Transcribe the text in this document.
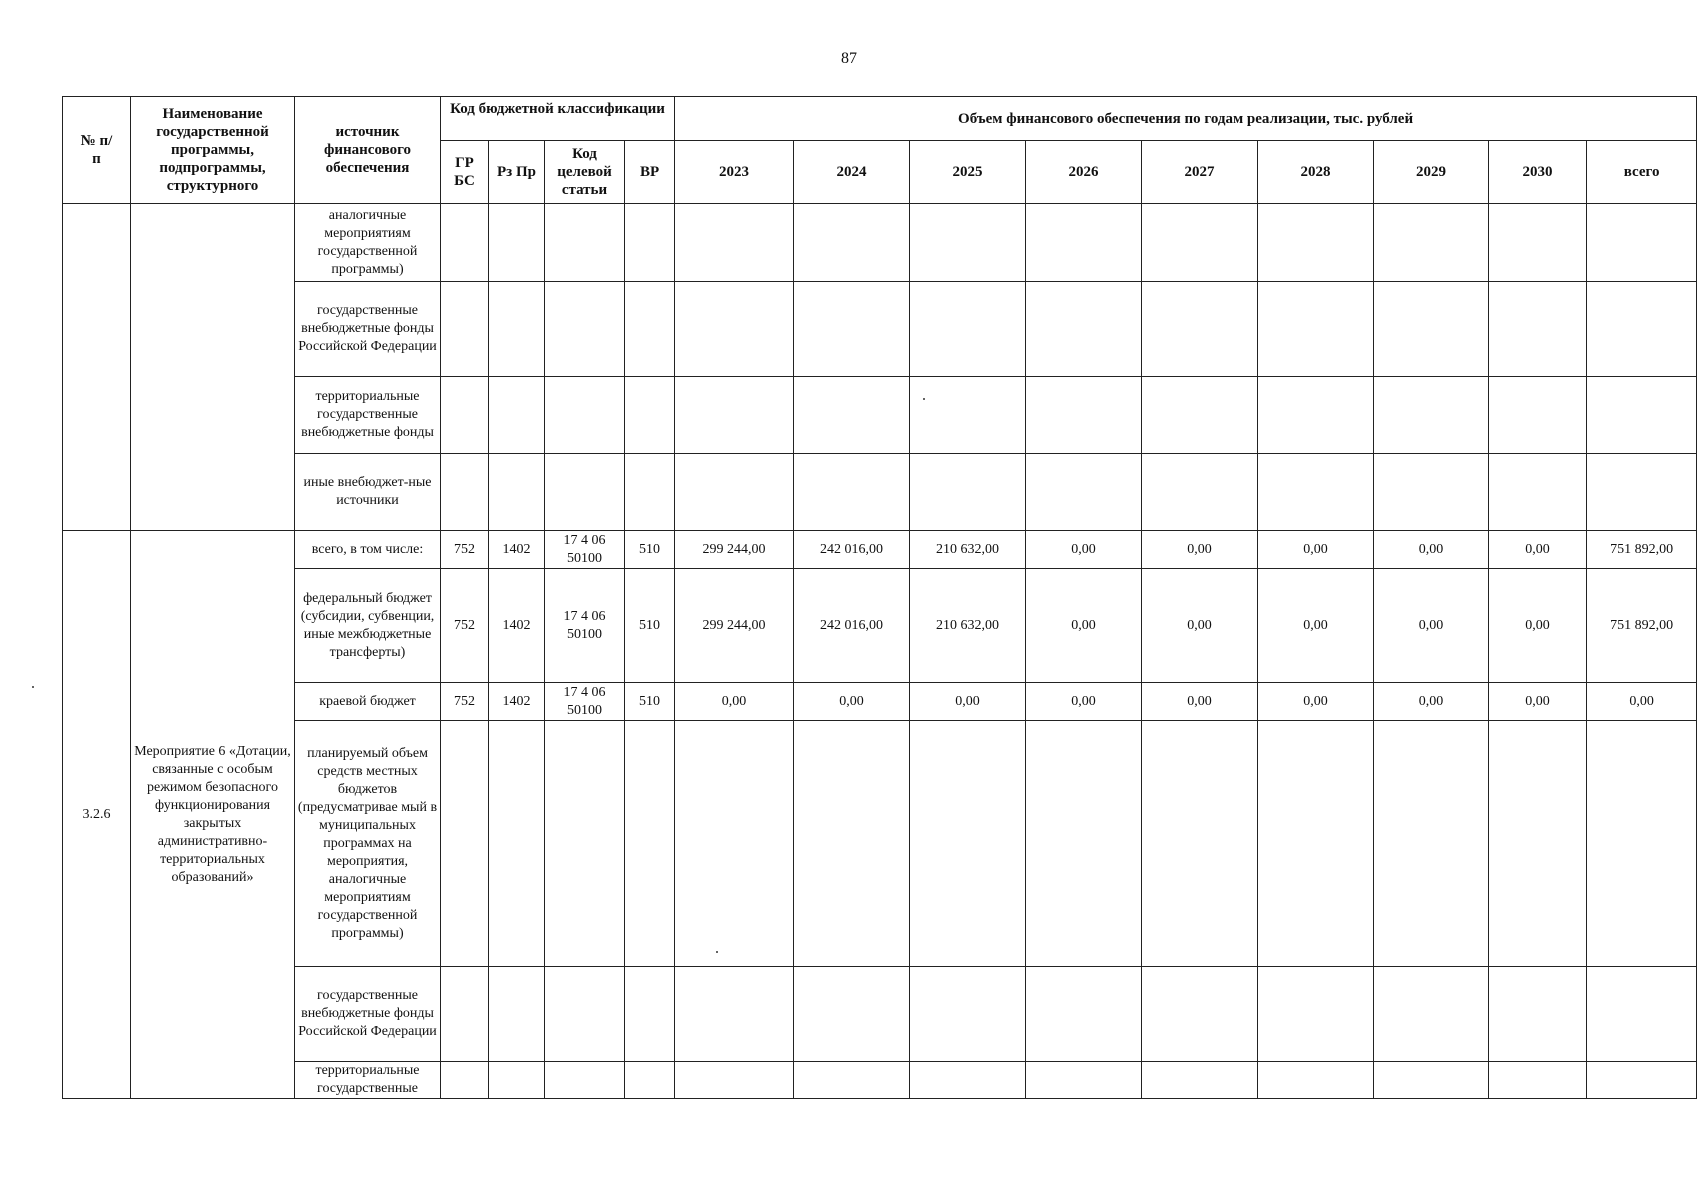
87
№ п/п	Наименование государственной программы, подпрограммы, структурного	источник финансового обеспечения	Код бюджетной классификации				Объем финансового обеспечения по годам реализации, тыс. рублей								
			ГР БС	Рз Пр	Код целевой статьи	ВР	2023	2024	2025	2026	2027	2028	2029	2030	всего
		аналогичные мероприятиям государственной программы)													
		государственные внебюджетные фонды Российской Федерации													
		территориальные государственные внебюджетные фонды													
		иные внебюджет-ные источники													
3.2.6	Мероприятие 6 «Дотации, связанные с особым режимом безопасного функционирования закрытых административно-территориальных образований»	всего, в том числе:	752	1402	17 4 06 50100	510	299 244,00	242 016,00	210 632,00	0,00	0,00	0,00	0,00	0,00	751 892,00
		федеральный бюджет (субсидии, субвенции, иные межбюджетные трансферты)	752	1402	17 4 06 50100	510	299 244,00	242 016,00	210 632,00	0,00	0,00	0,00	0,00	0,00	751 892,00
		краевой бюджет	752	1402	17 4 06 50100	510	0,00	0,00	0,00	0,00	0,00	0,00	0,00	0,00	0,00
		планируемый объем средств местных бюджетов (предусматривае мый в муниципальных программах на мероприятия, аналогичные мероприятиям государственной программы)													
		государственные внебюджетные фонды Российской Федерации													
		территориальные государственные													
